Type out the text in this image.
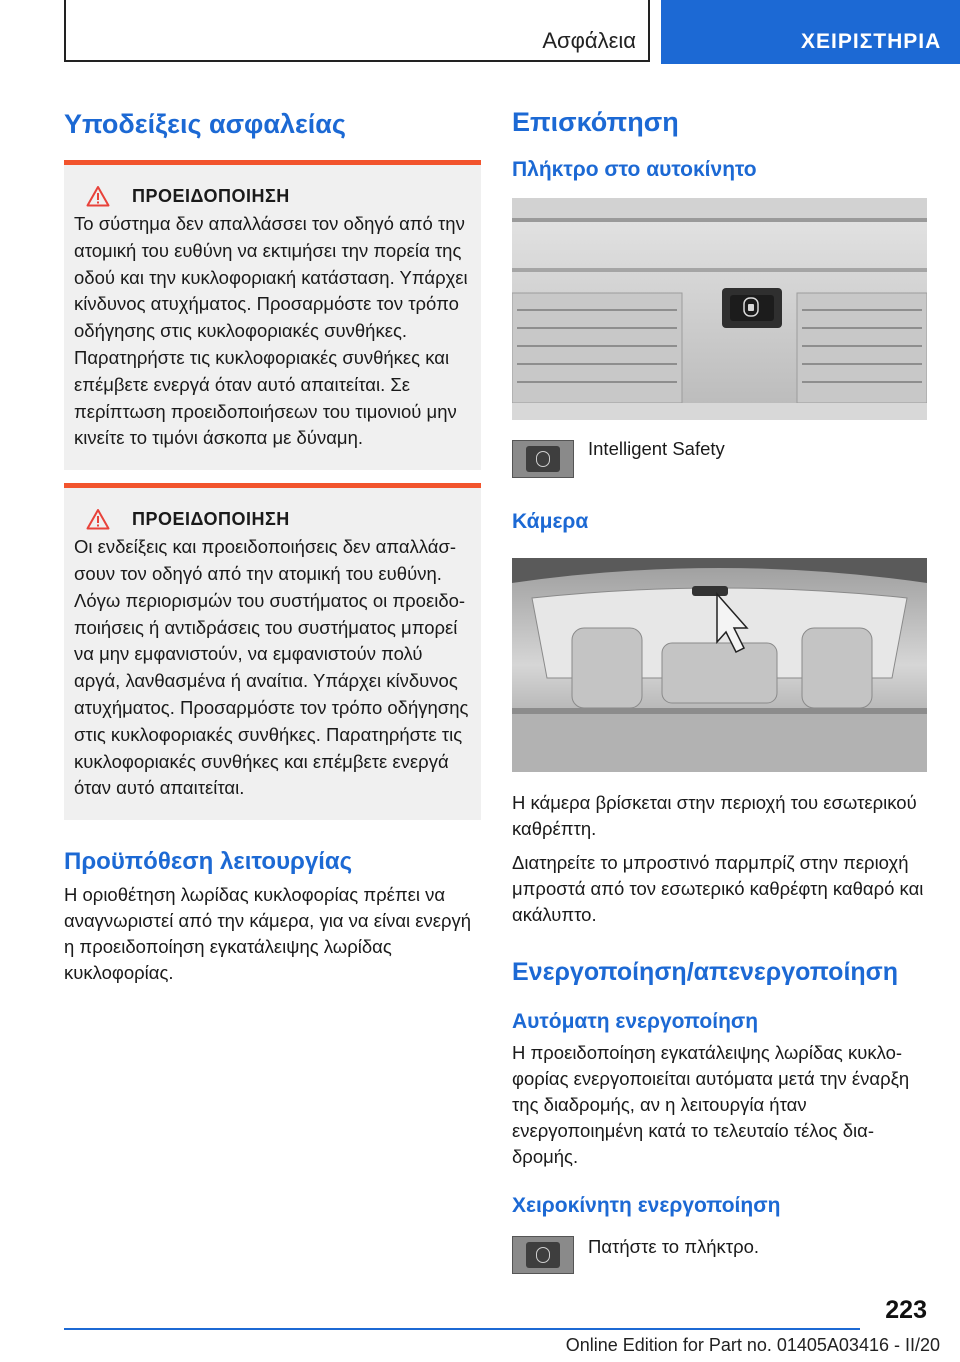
Ασφάλεια	ΧΕΙΡΙΣΤΗΡΙΑ
Υποδείξεις ασφαλείας
ΠΡΟΕΙΔΟΠΟΙΗΣΗ

Το σύστημα δεν απαλλάσσει τον οδηγό από την ατομική του ευθύνη να εκτιμήσει την πορεία της οδού και την κυκλοφοριακή κατάσταση. Υπάρχει κίνδυνος ατυχήματος. Προσαρμόστε τον τρόπο οδήγησης στις κυκλοφοριακές συνθήκες. Παρατηρήστε τις κυκλοφοριακές συνθήκες και επέμβετε ενεργά όταν αυτό απαιτείται. Σε περίπτωση προειδοποιήσεων του τιμονιού μην κινείτε το τιμόνι άσκοπα με δύναμη.

ΠΡΟΕΙΔΟΠΟΙΗΣΗ

Οι ενδείξεις και προειδοποιήσεις δεν απαλλάσσουν τον οδηγό από την ατομική του ευθύνη. Λόγω περιορισμών του συστήματος οι προειδοποιήσεις ή αντιδράσεις του συστήματος μπορεί να μην εμφανιστούν, να εμφανιστούν πολύ αργά, λανθασμένα ή αναίτια. Υπάρχει κίνδυνος ατυχήματος. Προσαρμόστε τον τρόπο οδήγησης στις κυκλοφοριακές συνθήκες. Παρατηρήστε τις κυκλοφοριακές συνθήκες και επέμβετε ενεργά όταν αυτό απαιτείται.

Προϋπόθεση λειτουργίας

Η οριοθέτηση λωρίδας κυκλοφορίας πρέπει να αναγνωριστεί από την κάμερα, για να είναι ενεργή η προειδοποίηση εγκατάλειψης λωρίδας κυκλοφορίας.

Επισκόπηση
Πλήκτρο στο αυτοκίνητο

Intelligent Safety

Κάμερα

Η κάμερα βρίσκεται στην περιοχή του εσωτερικού καθρέπτη.

Διατηρείτε το μπροστινό παρμπρίζ στην περιοχή μπροστά από τον εσωτερικό καθρέφτη καθαρό και ακάλυπτο.

Ενεργοποίηση/απενεργοποίηση
Αυτόματη ενεργοποίηση

Η προειδοποίηση εγκατάλειψης λωρίδας κυκλοφορίας ενεργοποιείται αυτόματα μετά την έναρξη της διαδρομής, αν η λειτουργία ήταν ενεργοποιημένη κατά το τελευταίο τέλος διαδρομής.

Χειροκίνητη ενεργοποίηση

Πατήστε το πλήκτρο.

223
Online Edition for Part no. 01405A03416 - II/20
